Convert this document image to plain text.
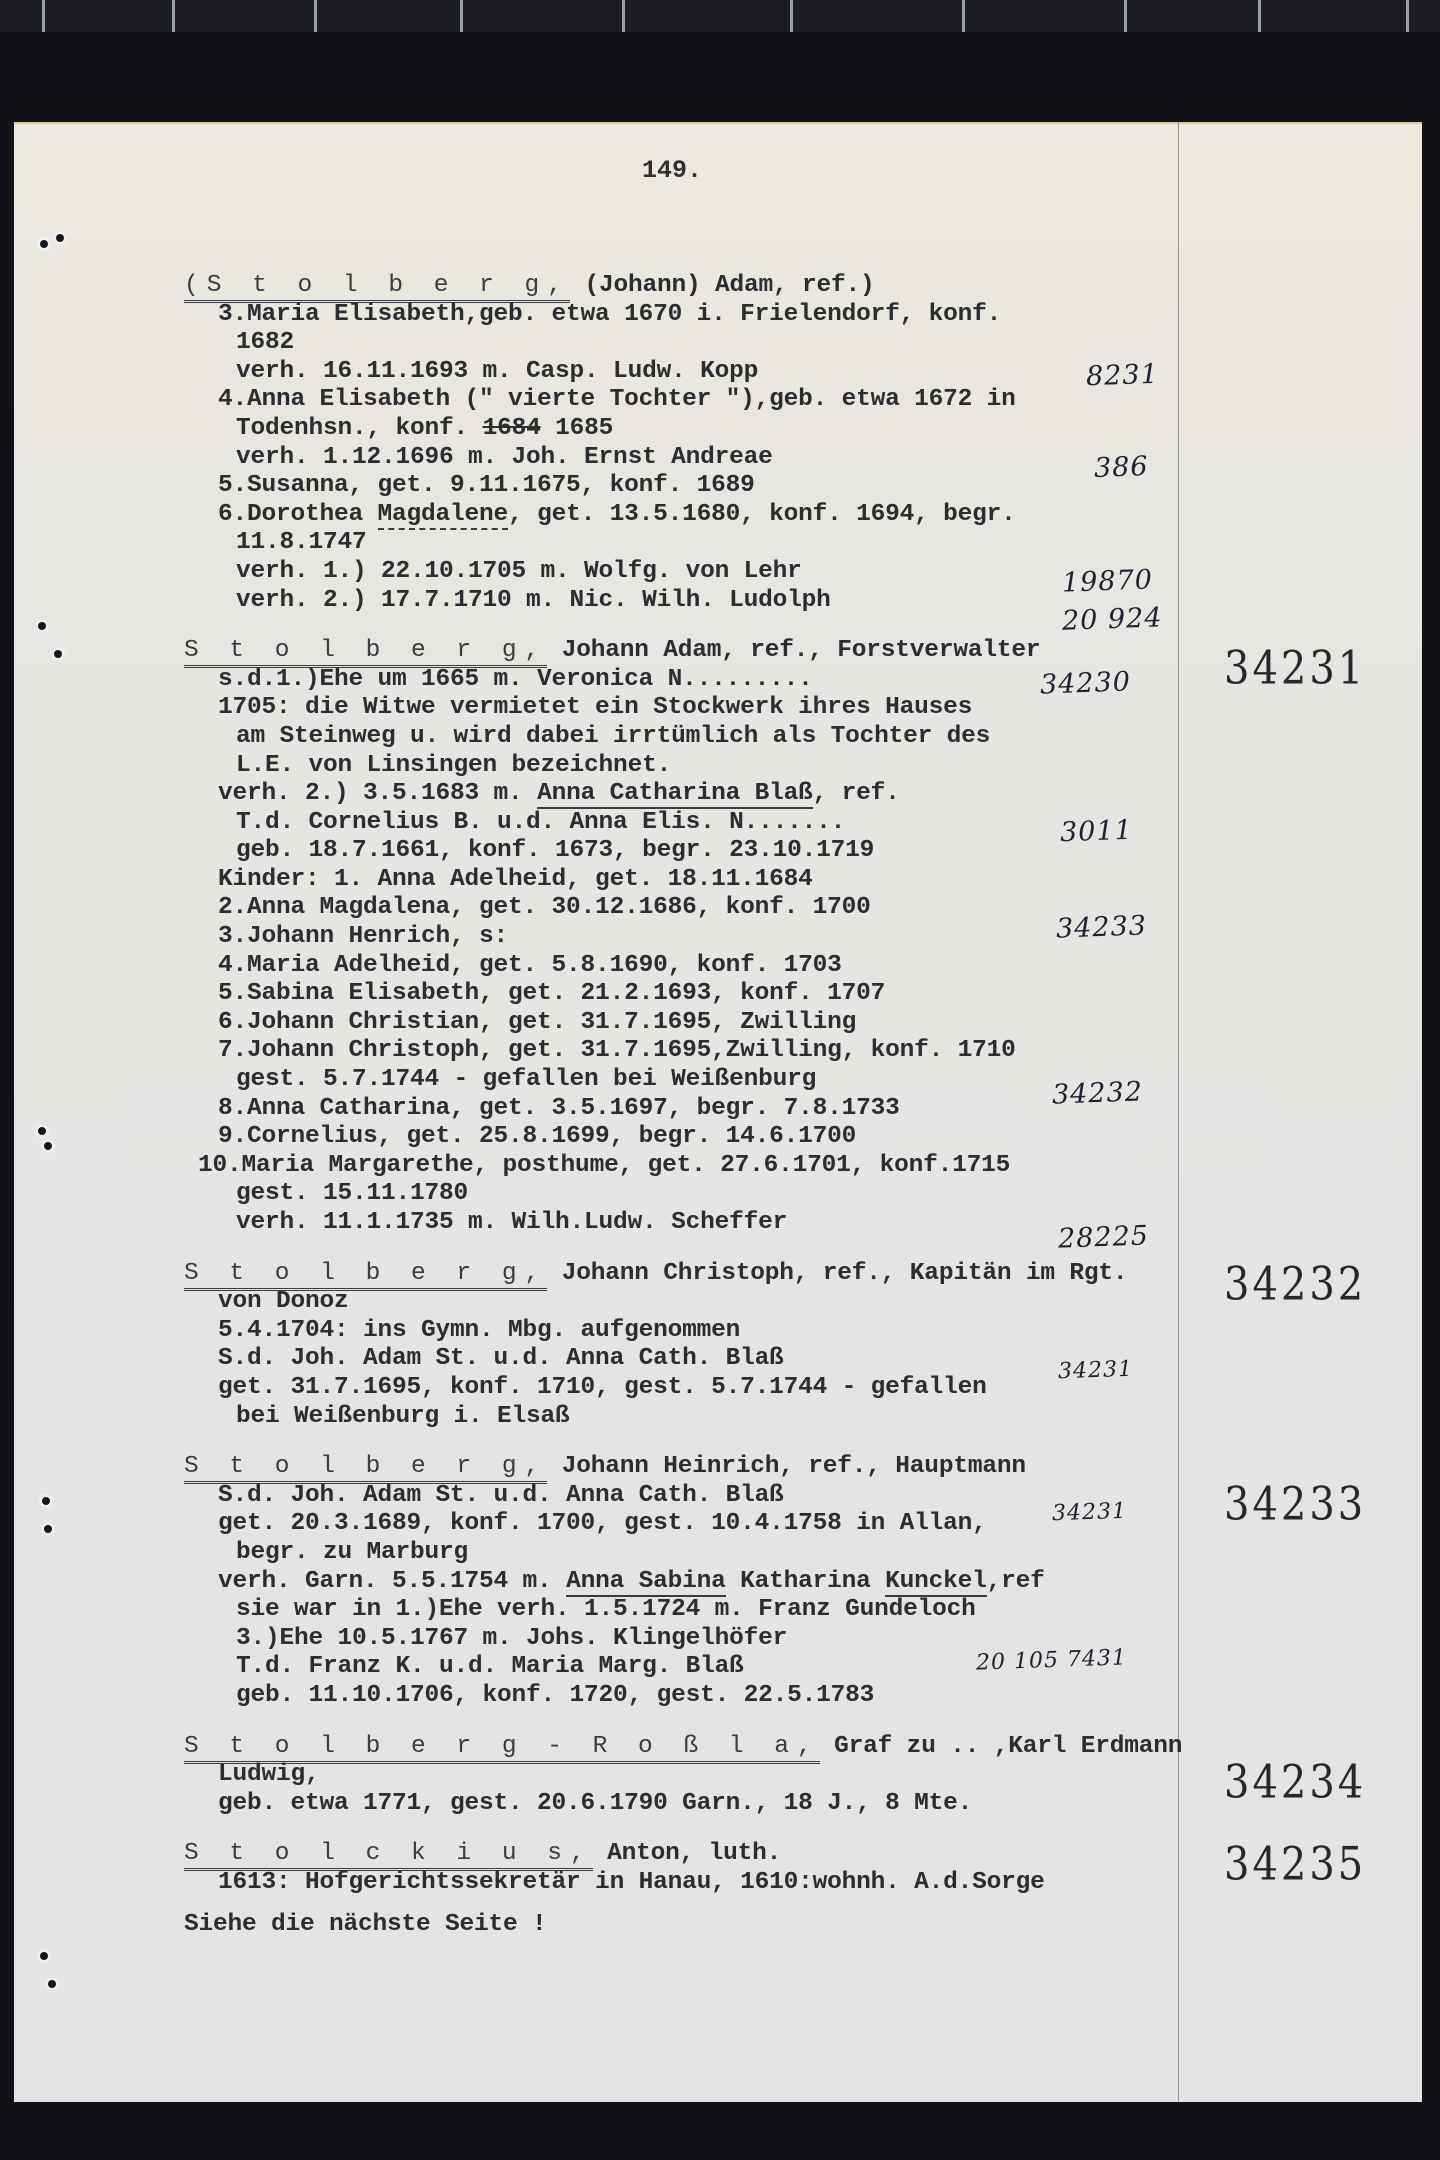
149.
34231
34232
34233
34234
34235
8231
386
19870
20 924
34230
3011
34233
34232
28225
34231
34231
20 105 7431
(S t o l b e r g, (Johann) Adam, ref.)
3.Maria Elisabeth,geb. etwa 1670 i. Frielendorf, konf.
1682
verh. 16.11.1693 m. Casp. Ludw. Kopp
4.Anna Elisabeth (" vierte Tochter "),geb. etwa 1672 in
Todenhsn., konf. 1684 1685
verh. 1.12.1696 m. Joh. Ernst Andreae
5.Susanna, get. 9.11.1675, konf. 1689
6.Dorothea Magdalene, get. 13.5.1680, konf. 1694, begr.
11.8.1747
verh. 1.) 22.10.1705 m. Wolfg. von Lehr
verh. 2.) 17.7.1710 m. Nic. Wilh. Ludolph
S t o l b e r g, Johann Adam, ref., Forstverwalter
s.d.1.)Ehe um 1665 m. Veronica N.........
1705: die Witwe vermietet ein Stockwerk ihres Hauses
am Steinweg u. wird dabei irrtümlich als Tochter des
L.E. von Linsingen bezeichnet.
verh. 2.) 3.5.1683 m. Anna Catharina Blaß, ref.
T.d. Cornelius B. u.d. Anna Elis. N.......
geb. 18.7.1661, konf. 1673, begr. 23.10.1719
Kinder: 1. Anna Adelheid, get. 18.11.1684
2.Anna Magdalena, get. 30.12.1686, konf. 1700
3.Johann Henrich, s:
4.Maria Adelheid, get. 5.8.1690, konf. 1703
5.Sabina Elisabeth, get. 21.2.1693, konf. 1707
6.Johann Christian, get. 31.7.1695, Zwilling
7.Johann Christoph, get. 31.7.1695,Zwilling, konf. 1710
gest. 5.7.1744 - gefallen bei Weißenburg
8.Anna Catharina, get. 3.5.1697, begr. 7.8.1733
9.Cornelius, get. 25.8.1699, begr. 14.6.1700
10.Maria Margarethe, posthume, get. 27.6.1701, konf.1715
gest. 15.11.1780
verh. 11.1.1735 m. Wilh.Ludw. Scheffer
S t o l b e r g, Johann Christoph, ref., Kapitän im Rgt.
von Donoz
5.4.1704: ins Gymn. Mbg. aufgenommen
S.d. Joh. Adam St. u.d. Anna Cath. Blaß
get. 31.7.1695, konf. 1710, gest. 5.7.1744 - gefallen
bei Weißenburg i. Elsaß
S t o l b e r g, Johann Heinrich, ref., Hauptmann
S.d. Joh. Adam St. u.d. Anna Cath. Blaß
get. 20.3.1689, konf. 1700, gest. 10.4.1758 in Allan,
begr. zu Marburg
verh. Garn. 5.5.1754 m. Anna Sabina Katharina Kunckel,ref
sie war in 1.)Ehe verh. 1.5.1724 m. Franz Gundeloch
3.)Ehe 10.5.1767 m. Johs. Klingelhöfer
T.d. Franz K. u.d. Maria Marg. Blaß
geb. 11.10.1706, konf. 1720, gest. 22.5.1783
S t o l b e r g - R o ß l a, Graf zu .. ,Karl Erdmann
Ludwig,
geb. etwa 1771, gest. 20.6.1790 Garn., 18 J., 8 Mte.
S t o l c k i u s, Anton, luth.
1613: Hofgerichtssekretär in Hanau, 1610:wohnh. A.d.Sorge
Siehe die nächste Seite !
